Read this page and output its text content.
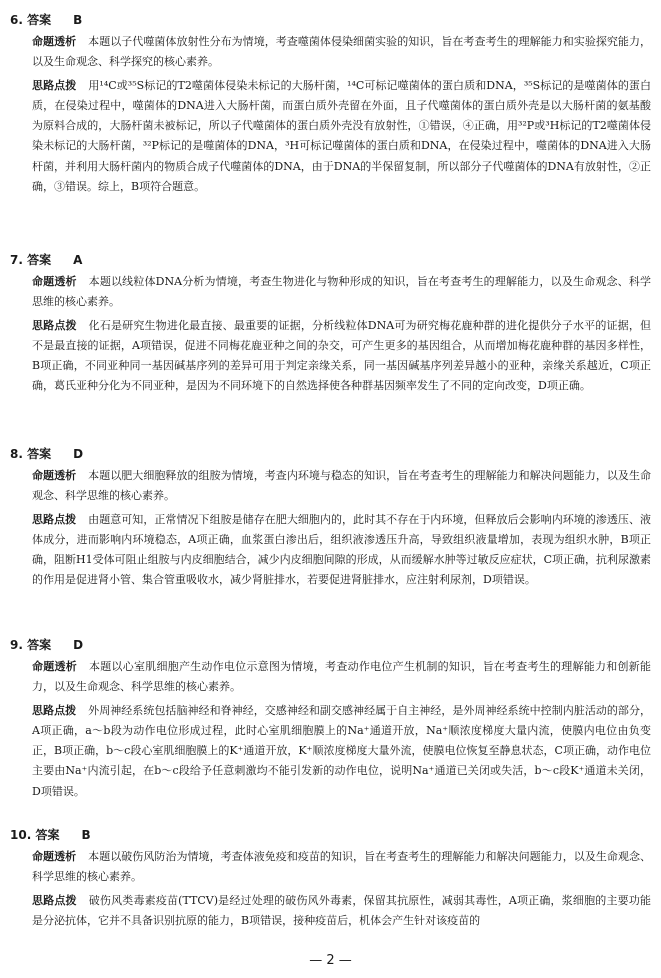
6. 答案 B
命题透析 本题以子代噬菌体放射性分布为情境，考查噬菌体侵染细菌实验的知识，旨在考查考生的理解能力和实验探究能力，以及生命观念、科学探究的核心素养。
思路点拨 用¹⁴C或³⁵S标记的T2噬菌体侵染未标记的大肠杆菌，¹⁴C可标记噬菌体的蛋白质和DNA，³⁵S标记的是噬菌体的蛋白质，在侵染过程中，噬菌体的DNA进入大肠杆菌，而蛋白质外壳留在外面，且子代噬菌体的蛋白质外壳是以大肠杆菌的氨基酸为原料合成的，大肠杆菌未被标记，所以子代噬菌体的蛋白质外壳没有放射性，①错误，④正确，用³²P或³H标记的T2噬菌体侵染未标记的大肠杆菌，³²P标记的是噬菌体的DNA，³H可标记噬菌体的蛋白质和DNA，在侵染过程中，噬菌体的DNA进入大肠杆菌，并利用大肠杆菌内的物质合成子代噬菌体的DNA，由于DNA的半保留复制，所以部分子代噬菌体的DNA有放射性，②正确，③错误。综上，B项符合题意。
7. 答案 A
命题透析 本题以线粒体DNA分析为情境，考查生物进化与物种形成的知识，旨在考查考生的理解能力，以及生命观念、科学思维的核心素养。
思路点拨 化石是研究生物进化最直接、最重要的证据，分析线粒体DNA可为研究梅花鹿种群的进化提供分子水平的证据，但不是最直接的证据，A项错误，促进不同梅花鹿亚种之间的杂交，可产生更多的基因组合，从而增加梅花鹿种群的基因多样性，B项正确，不同亚种同一基因碱基序列的差异可用于判定亲缘关系，同一基因碱基序列差异越小的亚种，亲缘关系越近，C项正确，葛氏亚种分化为不同亚种，是因为不同环境下的自然选择使各种群基因频率发生了不同的定向改变，D项正确。
8. 答案 D
命题透析 本题以肥大细胞释放的组胺为情境，考查内环境与稳态的知识，旨在考查考生的理解能力和解决问题能力，以及生命观念、科学思维的核心素养。
思路点拨 由题意可知，正常情况下组胺是储存在肥大细胞内的，此时其不存在于内环境，但释放后会影响内环境的渗透压、液体成分，进而影响内环境稳态，A项正确，血浆蛋白渗出后，组织液渗透压升高，导致组织液量增加，表现为组织水肿，B项正确，阻断H1受体可阻止组胺与内皮细胞结合，减少内皮细胞间隙的形成，从而缓解水肿等过敏反应症状，C项正确，抗利尿激素的作用是促进肾小管、集合管重吸收水，减少肾脏排水，若要促进肾脏排水，应注射利尿剂，D项错误。
9. 答案 D
命题透析 本题以心室肌细胞产生动作电位示意图为情境，考查动作电位产生机制的知识，旨在考查考生的理解能力和创新能力，以及生命观念、科学思维的核心素养。
思路点拨 外周神经系统包括脑神经和脊神经，交感神经和副交感神经属于自主神经，是外周神经系统中控制内脏活动的部分，A项正确，a～b段为动作电位形成过程，此时心室肌细胞膜上的Na⁺通道开放，Na⁺顺浓度梯度大量内流，使膜内电位由负变正，B项正确，b～c段心室肌细胞膜上的K⁺通道开放，K⁺顺浓度梯度大量外流，使膜电位恢复至静息状态，C项正确，动作电位主要由Na⁺内流引起，在b～c段给予任意刺激均不能引发新的动作电位，说明Na⁺通道已关闭或失活，b～c段K⁺通道未关闭，D项错误。
10. 答案 B
命题透析 本题以破伤风防治为情境，考查体液免疫和疫苗的知识，旨在考查考生的理解能力和解决问题能力，以及生命观念、科学思维的核心素养。
思路点拨 破伤风类毒素疫苗(TTCV)是经过处理的破伤风外毒素，保留其抗原性，减弱其毒性，A项正确，浆细胞的主要功能是分泌抗体，它并不具备识别抗原的能力，B项错误，接种疫苗后，机体会产生针对该疫苗的
— 2 —
